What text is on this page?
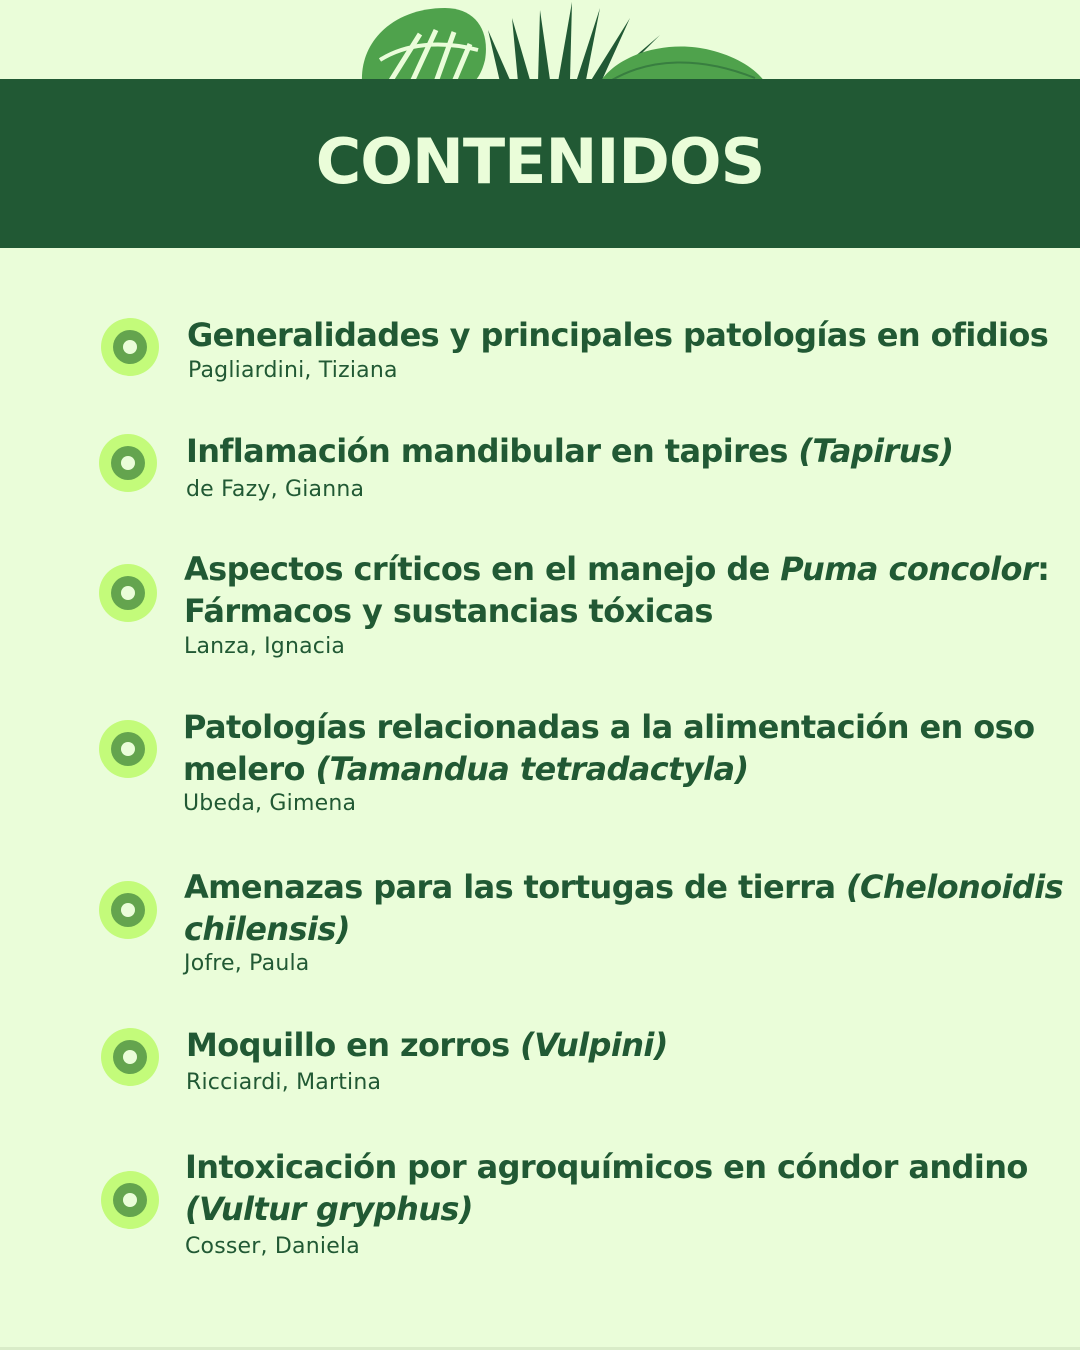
CONTENIDOS

Generalidades y principales patologías en ofidios

Pagliardini, Tiziana

Inflamación mandibular en tapires (Tapirus)

de Fazy, Gianna

Aspectos críticos en el manejo de Puma concolor:
Fármacos y sustancias tóxicas

Lanza, Ignacia

Patologías relacionadas a la alimentación en oso
melero (Tamandua tetradactyla)

Ubeda, Gimena

Amenazas para las tortugas de tierra (Chelonoidis
chilensis)

Jofre, Paula

Moquillo en zorros (Vulpini)

Ricciardi, Martina

Intoxicación por agroquímicos en cóndor andino
(Vultur gryphus)

Cosser, Daniela
